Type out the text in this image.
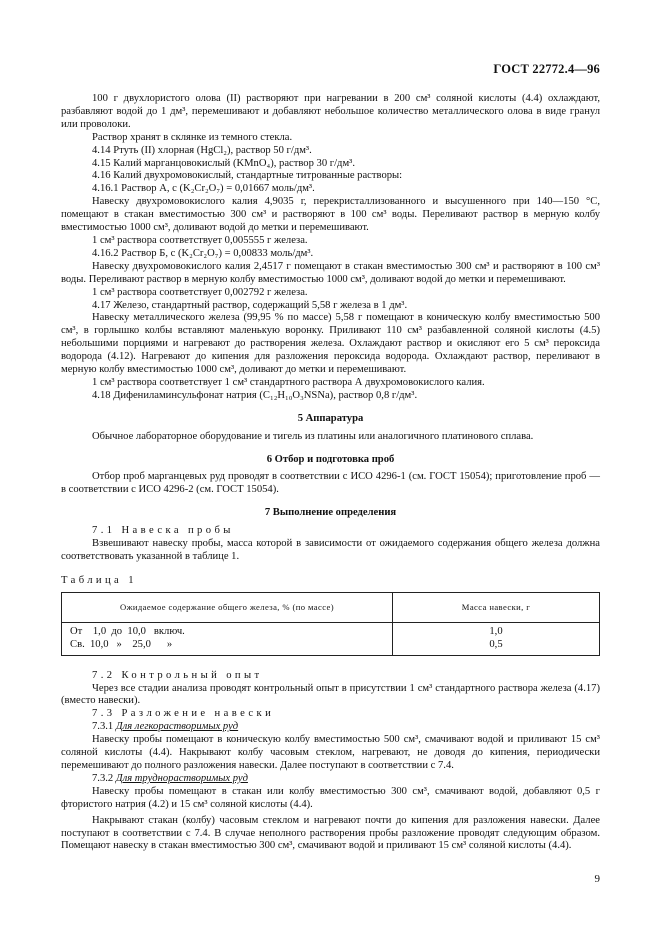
ГОСТ 22772.4—96

100 г двухлористого олова (II) растворяют при нагревании в 200 см³ соляной кислоты (4.4) охлаждают, разбавляют водой до 1 дм³, перемешивают и добавляют небольшое количество металлического олова в виде гранул или проволоки.

Раствор хранят в склянке из темного стекла.

4.14 Ртуть (II) хлорная (HgCl₂), раствор 50 г/дм³.

4.15 Калий марганцовокислый (KMnO₄), раствор 30 г/дм³.

4.16 Калий двухромовокислый, стандартные титрованные растворы:

4.16.1 Раствор А, c (K₂Cr₂O₇) = 0,01667 моль/дм³.

Навеску двухромовокислого калия 4,9035 г, перекристаллизованного и высушенного при 140—150 °С, помещают в стакан вместимостью 300 см³ и растворяют в 100 см³ воды. Переливают раствор в мерную колбу вместимостью 1000 см³, доливают водой до метки и перемешивают.

1 см³ раствора соответствует 0,005555 г железа.

4.16.2 Раствор Б, c (K₂Cr₂O₇) = 0,00833 моль/дм³.

Навеску двухромовокислого калия 2,4517 г помещают в стакан вместимостью 300 см³ и растворяют в 100 см³ воды. Переливают раствор в мерную колбу вместимостью 1000 см³, доливают водой до метки и перемешивают.

1 см³ раствора соответствует 0,002792 г железа.

4.17 Железо, стандартный раствор, содержащий 5,58 г железа в 1 дм³.

Навеску металлического железа (99,95 % по массе) 5,58 г помещают в коническую колбу вместимостью 500 см³, в горлышко колбы вставляют маленькую воронку. Приливают 110 см³ разбавленной соляной кислоты (4.5) небольшими порциями и нагревают до растворения железа. Охлаждают раствор и окисляют его 5 см³ пероксида водорода (4.12). Нагревают до кипения для разложения пероксида водорода. Охлаждают раствор, переливают в мерную колбу вместимостью 1000 см³, доливают до метки и перемешивают.

1 см³ раствора соответствует 1 см³ стандартного раствора А двухромовокислого калия.

4.18 Дифениламинсульфонат натрия (C₁₂H₁₀O₃NSNa), раствор 0,8 г/дм³.

5 Аппаратура

Обычное лабораторное оборудование и тигель из платины или аналогичного платинового сплава.

6 Отбор и подготовка проб

Отбор проб марганцевых руд проводят в соответствии с ИСО 4296-1 (см. ГОСТ 15054); приготовление проб — в соответствии с ИСО 4296-2 (см. ГОСТ 15054).

7 Выполнение определения

7.1 Навеска пробы

Взвешивают навеску пробы, масса которой в зависимости от ожидаемого содержания общего железа должна соответствовать указанной в таблице 1.

Таблица 1

Ожидаемое содержание общего железа, % (по массе)	Масса навески, г
От    1,0  до  10,0   включ.	1,0
Св.  10,0   »    25,0      »	0,5

7.2 Контрольный опыт

Через все стадии анализа проводят контрольный опыт в присутствии 1 см³ стандартного раствора железа (4.17) (вместо навески).

7.3 Разложение навески

7.3.1 Для легкорастворимых руд

Навеску пробы помещают в коническую колбу вместимостью 500 см³, смачивают водой и приливают 15 см³ соляной кислоты (4.4). Накрывают колбу часовым стеклом, нагревают, не доводя до кипения, периодически перемешивают до полного разложения навески. Далее поступают в соответствии с 7.4.

7.3.2 Для труднорастворимых руд

Навеску пробы помещают в стакан или колбу вместимостью 300 см³, смачивают водой, добавляют 0,5 г фтористого натрия (4.2) и 15 см³ соляной кислоты (4.4).

Накрывают стакан (колбу) часовым стеклом и нагревают почти до кипения для разложения навески. Далее поступают в соответствии с 7.4. В случае неполного растворения пробы разложение проводят следующим образом. Помещают навеску в стакан вместимостью 300 см³, смачивают водой и приливают 15 см³ соляной кислоты (4.4).

9
